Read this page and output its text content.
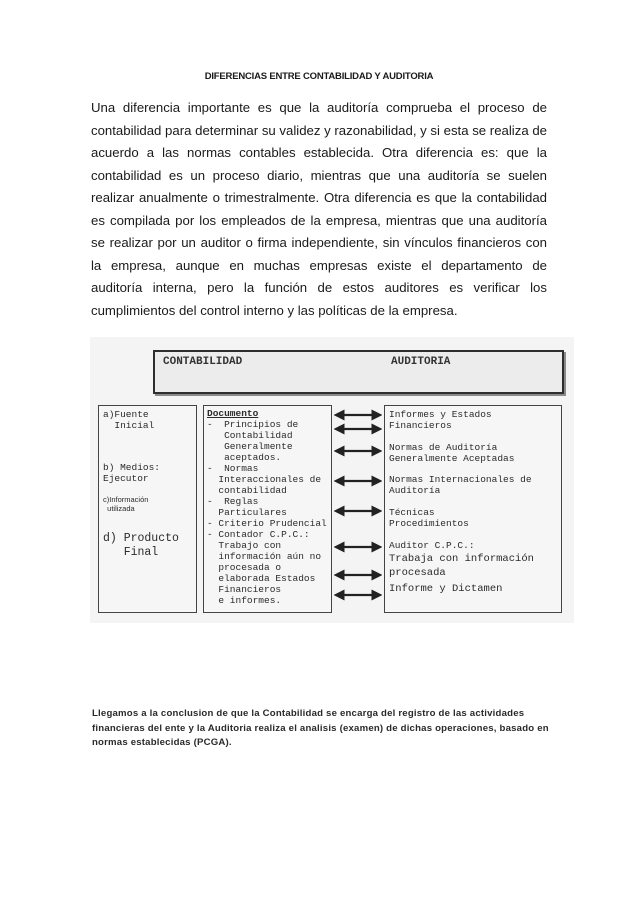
DIFERENCIAS ENTRE CONTABILIDAD Y AUDITORIA

Una diferencia importante es que la auditoría comprueba el proceso de contabilidad para determinar su validez y razonabilidad, y si esta se realiza de acuerdo a las normas contables establecida. Otra diferencia es: que la contabilidad es un proceso diario, mientras que una auditoría se suelen realizar anualmente o trimestralmente. Otra diferencia es que la contabilidad es compilada por los empleados de la empresa, mientras que una auditoría se realizar por un auditor o firma independiente, sin vínculos financieros con la empresa, aunque en muchas empresas existe el departamento de auditoría interna, pero la función de estos auditores es verificar los cumplimientos del control interno y las políticas de la empresa.

CONTABILIDAD	AUDITORIA
a)Fuente
Inicial
b) Medios:
Ejecutor
c)Información
utilizada
d) Producto
Final
Documento
-  Principios de
Contabilidad
Generalmente
aceptados.
-  Normas
Interaccionales de
contabilidad
-  Reglas
Particulares
- Criterio Prudencial
- Contador C.P.C.:
Trabajo con
información aún no
procesada o
elaborada Estados
Financieros
e informes.
Informes y Estados
Financieros
Normas de Auditoría
Generalmente Aceptadas
Normas Internacionales de
Auditoría
Técnicas
Procedimientos
Auditor C.P.C.:
Trabaja con información
procesada
Informe y Dictamen

Llegamos a la conclusion de que la Contabilidad se encarga del registro de las actividades financieras del ente y la Auditoria realiza el analisis (examen) de dichas operaciones, basado en normas establecidas (PCGA).
